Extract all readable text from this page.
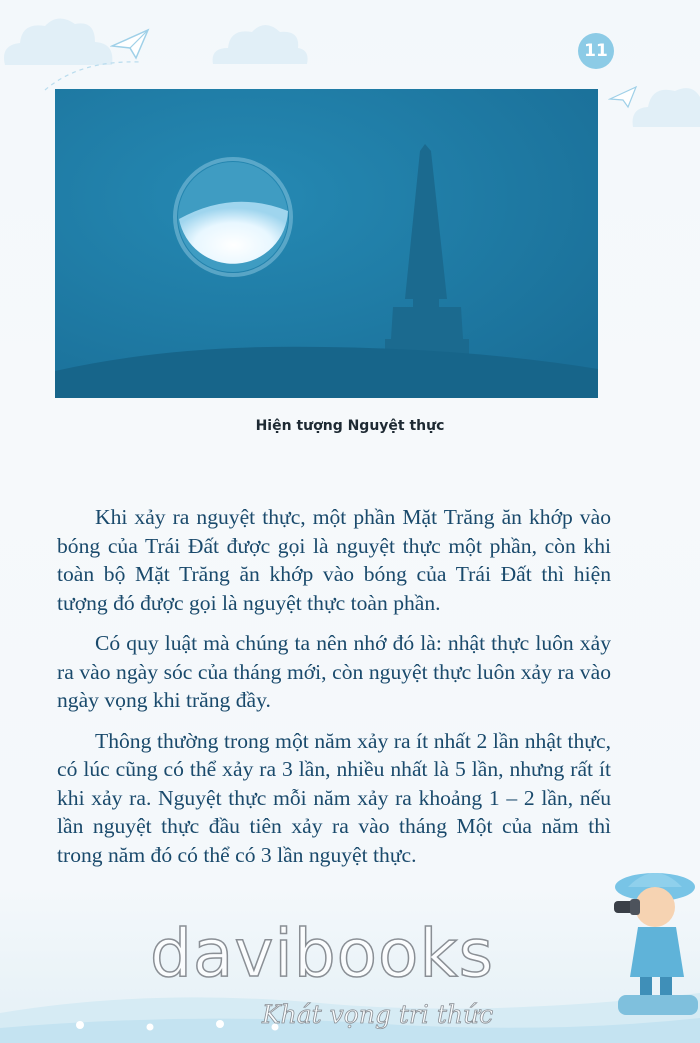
11
Hiện tượng Nguyệt thực

Khi xảy ra nguyệt thực, một phần Mặt Trăng ăn khớp vào bóng của Trái Đất được gọi là nguyệt thực một phần, còn khi toàn bộ Mặt Trăng ăn khớp vào bóng của Trái Đất thì hiện tượng đó được gọi là nguyệt thực toàn phần.

Có quy luật mà chúng ta nên nhớ đó là: nhật thực luôn xảy ra vào ngày sóc của tháng mới, còn nguyệt thực luôn xảy ra vào ngày vọng khi trăng đầy.

Thông thường trong một năm xảy ra ít nhất 2 lần nhật thực, có lúc cũng có thể xảy ra 3 lần, nhiều nhất là 5 lần, nhưng rất ít khi xảy ra. Nguyệt thực mỗi năm xảy ra khoảng 1 – 2 lần, nếu lần nguyệt thực đầu tiên xảy ra vào tháng Một của năm thì trong năm đó có thể có 3 lần nguyệt thực.

davibooks
Khát vọng tri thức
